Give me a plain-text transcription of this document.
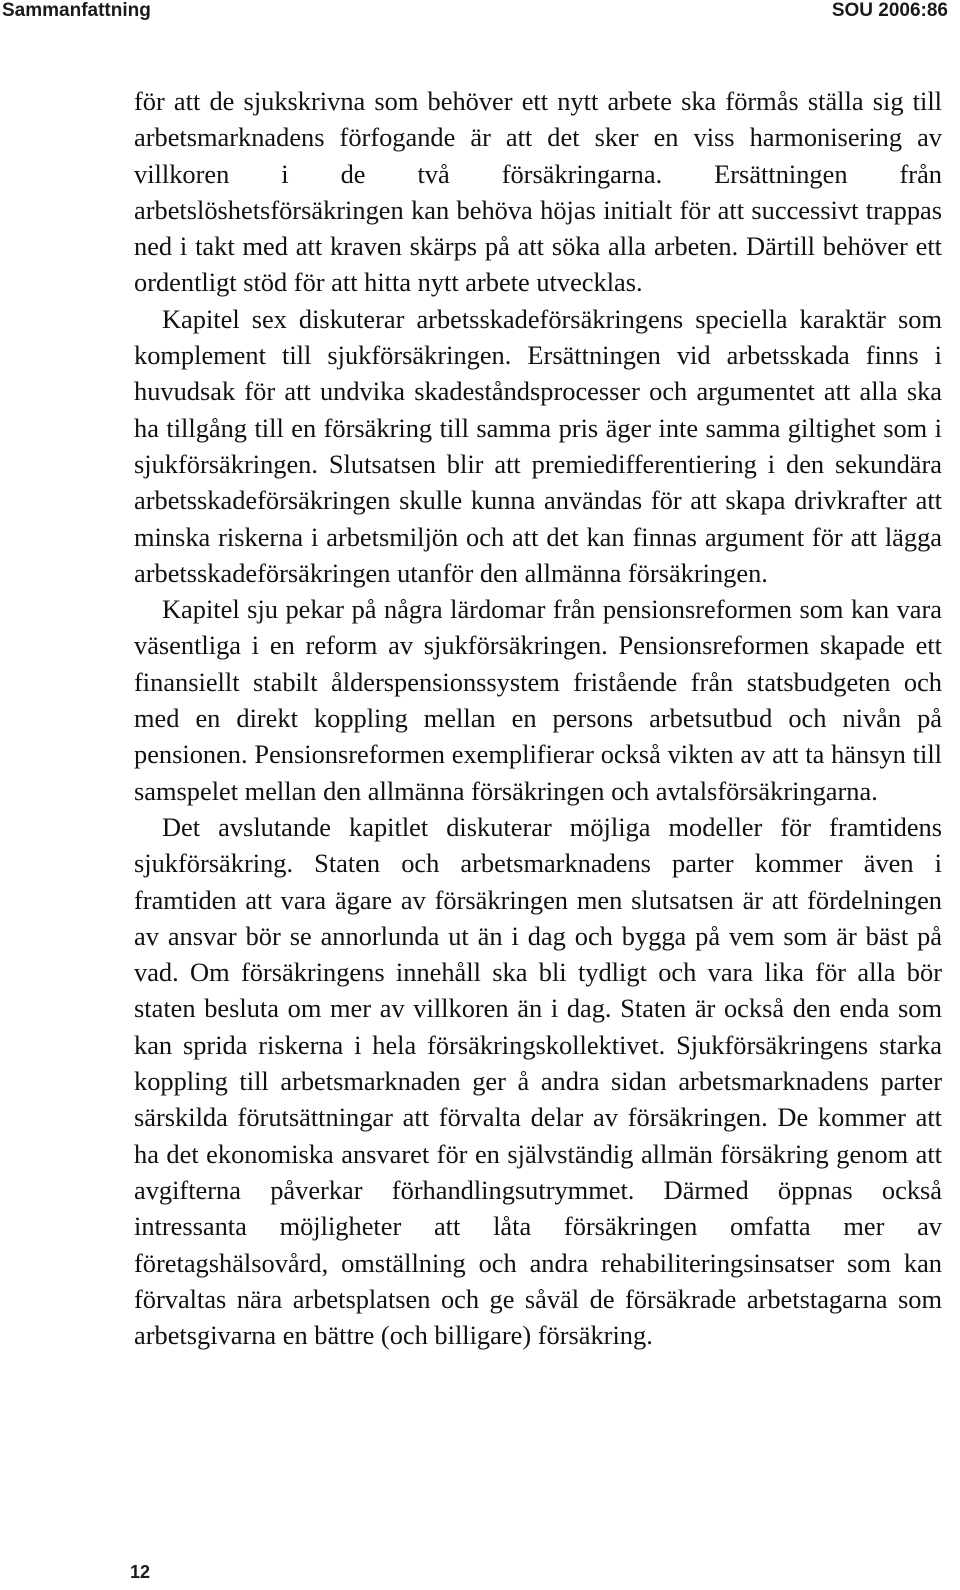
Sammanfattning	SOU 2006:86

för att de sjukskrivna som behöver ett nytt arbete ska förmås ställa sig till arbetsmarknadens förfogande är att det sker en viss harmonisering av villkoren i de två försäkringarna. Ersättningen från arbetslöshetsförsäkringen kan behöva höjas initialt för att successivt trappas ned i takt med att kraven skärps på att söka alla arbeten. Därtill behöver ett ordentligt stöd för att hitta nytt arbete utvecklas.

Kapitel sex diskuterar arbetsskadeförsäkringens speciella karaktär som komplement till sjukförsäkringen. Ersättningen vid arbetsskada finns i huvudsak för att undvika skadeståndsprocesser och argumentet att alla ska ha tillgång till en försäkring till samma pris äger inte samma giltighet som i sjukförsäkringen. Slutsatsen blir att premiedifferentiering i den sekundära arbetsskadeförsäkringen skulle kunna användas för att skapa drivkrafter att minska riskerna i arbetsmiljön och att det kan finnas argument för att lägga arbetsskadeförsäkringen utanför den allmänna försäkringen.

Kapitel sju pekar på några lärdomar från pensionsreformen som kan vara väsentliga i en reform av sjukförsäkringen. Pensionsreformen skapade ett finansiellt stabilt ålderspensionssystem fristående från statsbudgeten och med en direkt koppling mellan en persons arbetsutbud och nivån på pensionen. Pensionsreformen exemplifierar också vikten av att ta hänsyn till samspelet mellan den allmänna försäkringen och avtalsförsäkringarna.

Det avslutande kapitlet diskuterar möjliga modeller för framtidens sjukförsäkring. Staten och arbetsmarknadens parter kommer även i framtiden att vara ägare av försäkringen men slutsatsen är att fördelningen av ansvar bör se annorlunda ut än i dag och bygga på vem som är bäst på vad. Om försäkringens innehåll ska bli tydligt och vara lika för alla bör staten besluta om mer av villkoren än i dag. Staten är också den enda som kan sprida riskerna i hela försäkringskollektivet. Sjukförsäkringens starka koppling till arbetsmarknaden ger å andra sidan arbetsmarknadens parter särskilda förutsättningar att förvalta delar av försäkringen. De kommer att ha det ekonomiska ansvaret för en självständig allmän försäkring genom att avgifterna påverkar förhandlingsutrymmet. Därmed öppnas också intressanta möjligheter att låta försäkringen omfatta mer av företagshälsovård, omställning och andra rehabiliteringsinsatser som kan förvaltas nära arbetsplatsen och ge såväl de försäkrade arbetstagarna som arbetsgivarna en bättre (och billigare) försäkring.

12
